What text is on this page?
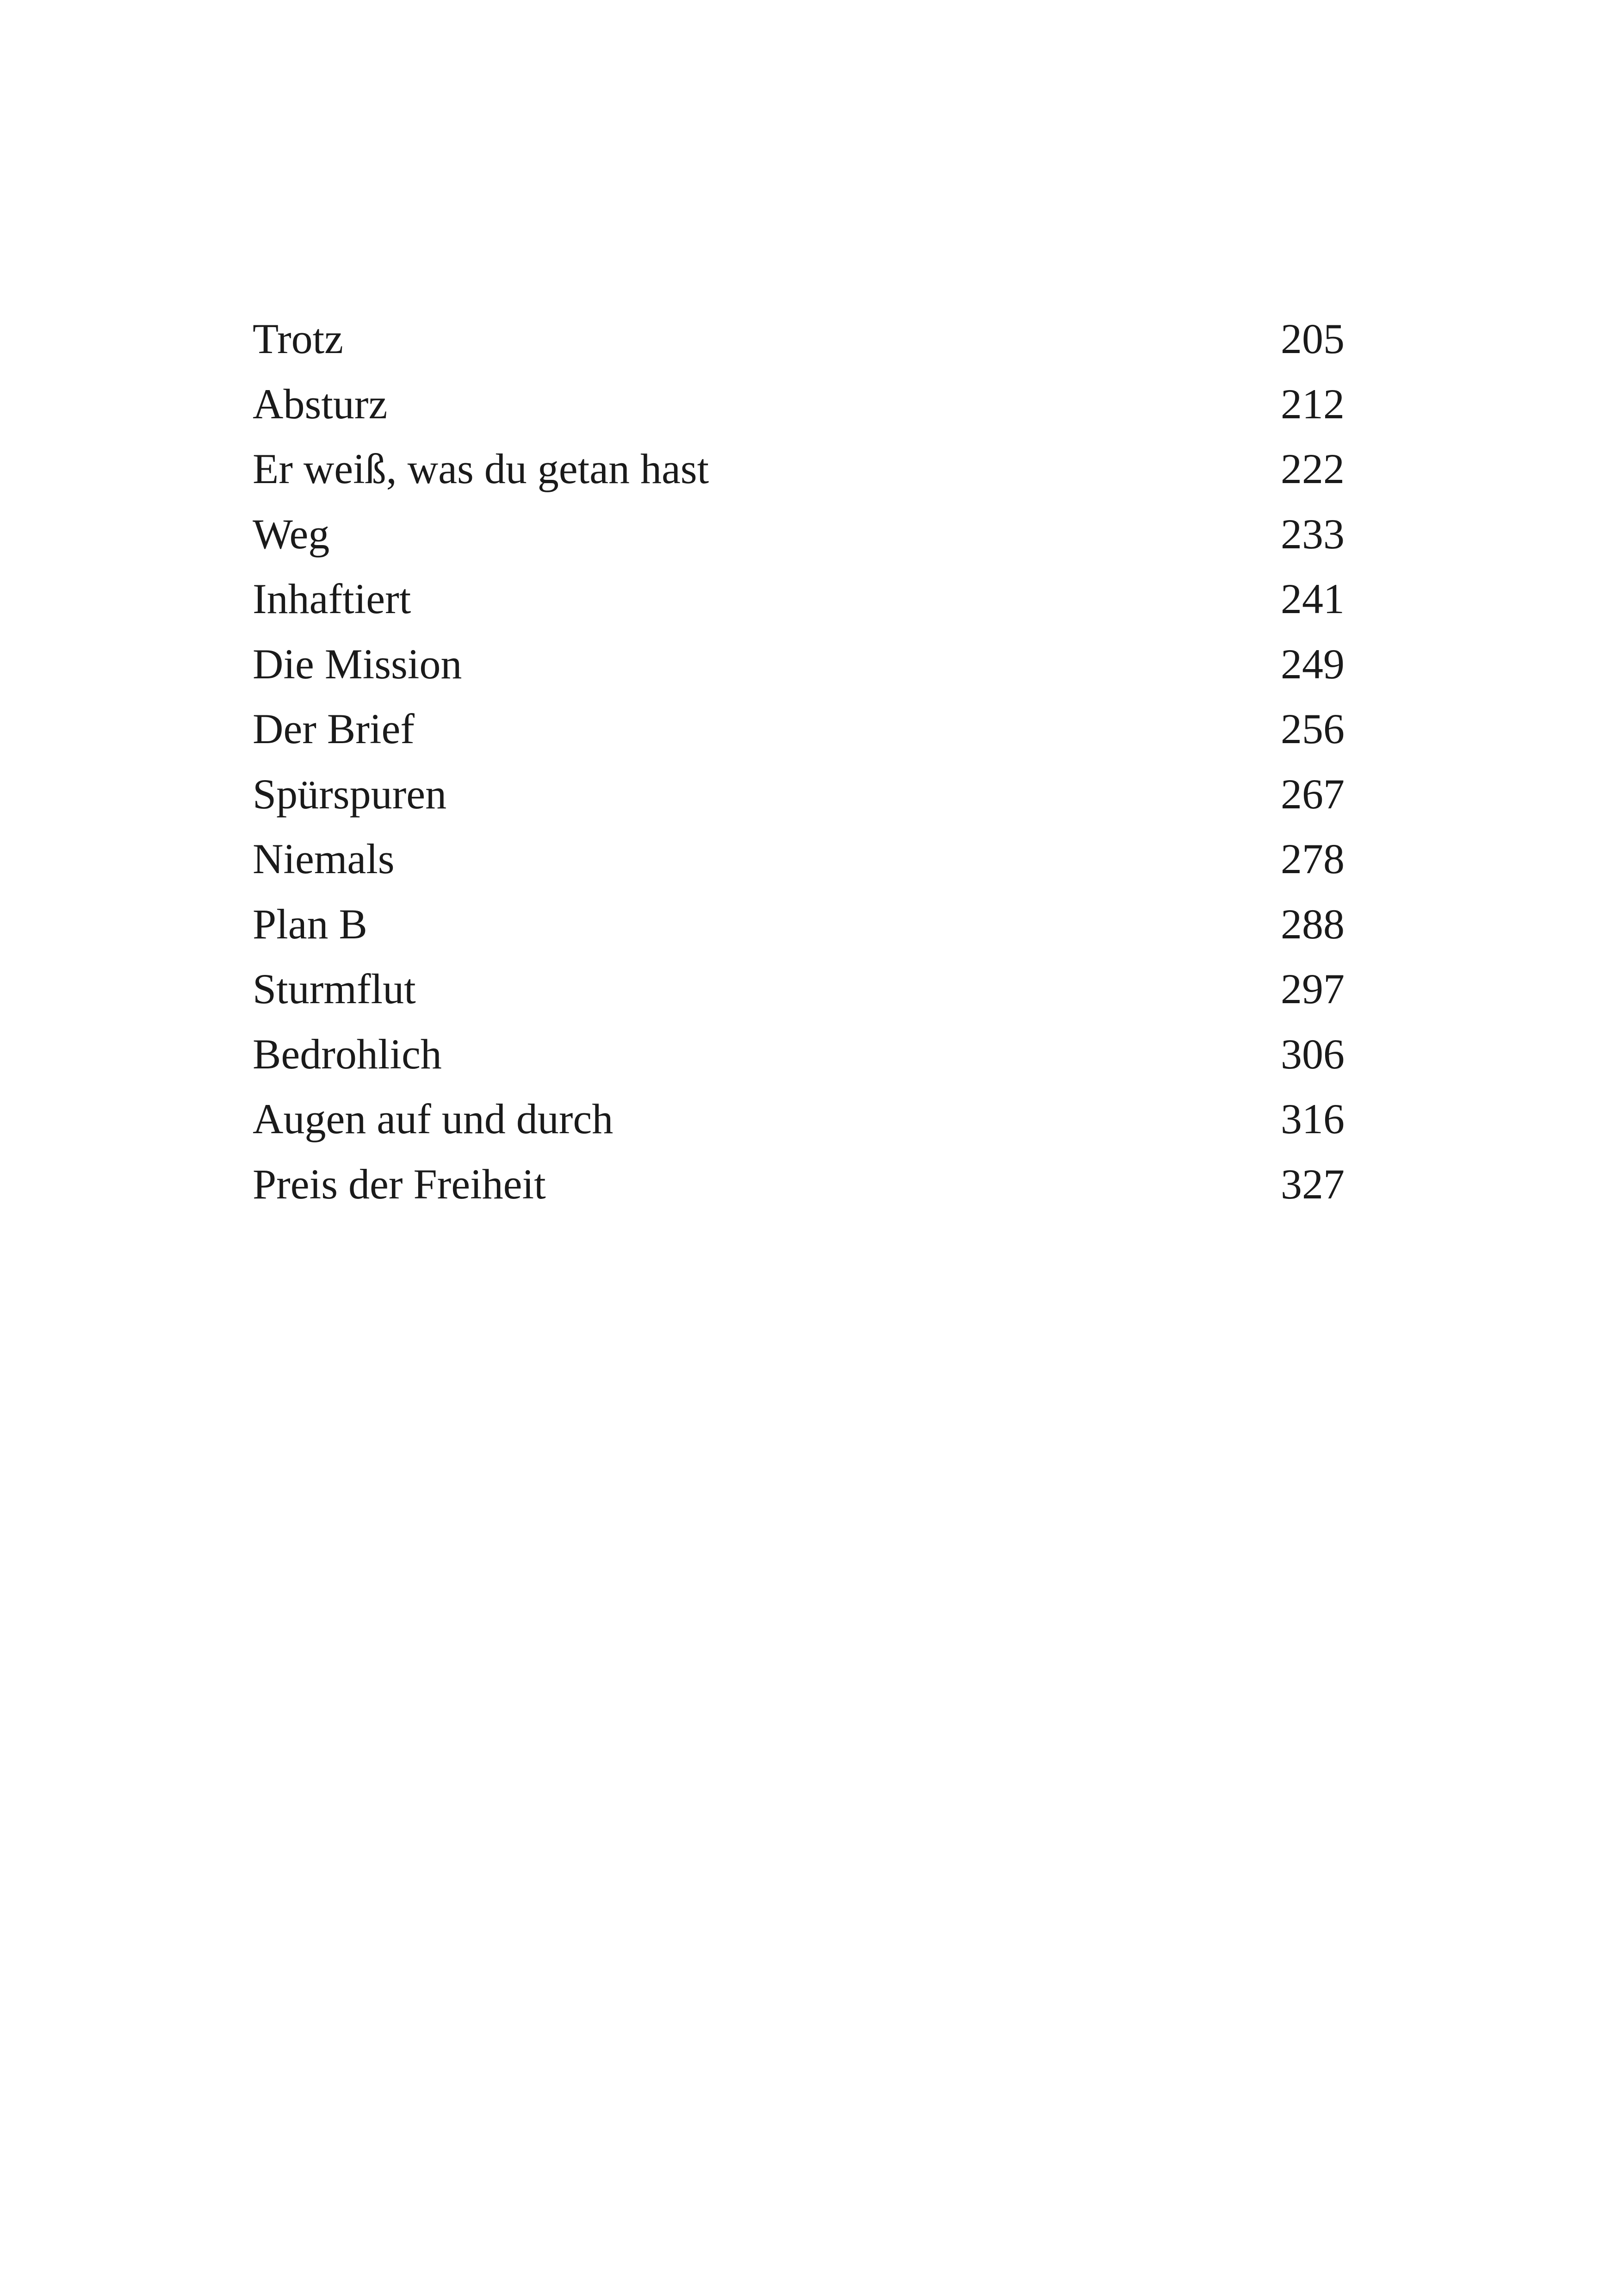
Trotz	205
Absturz	212
Er weiß, was du getan hast	222
Weg	233
Inhaftiert	241
Die Mission	249
Der Brief	256
Spürspuren	267
Niemals	278
Plan B	288
Sturmflut	297
Bedrohlich	306
Augen auf und durch	316
Preis der Freiheit	327
